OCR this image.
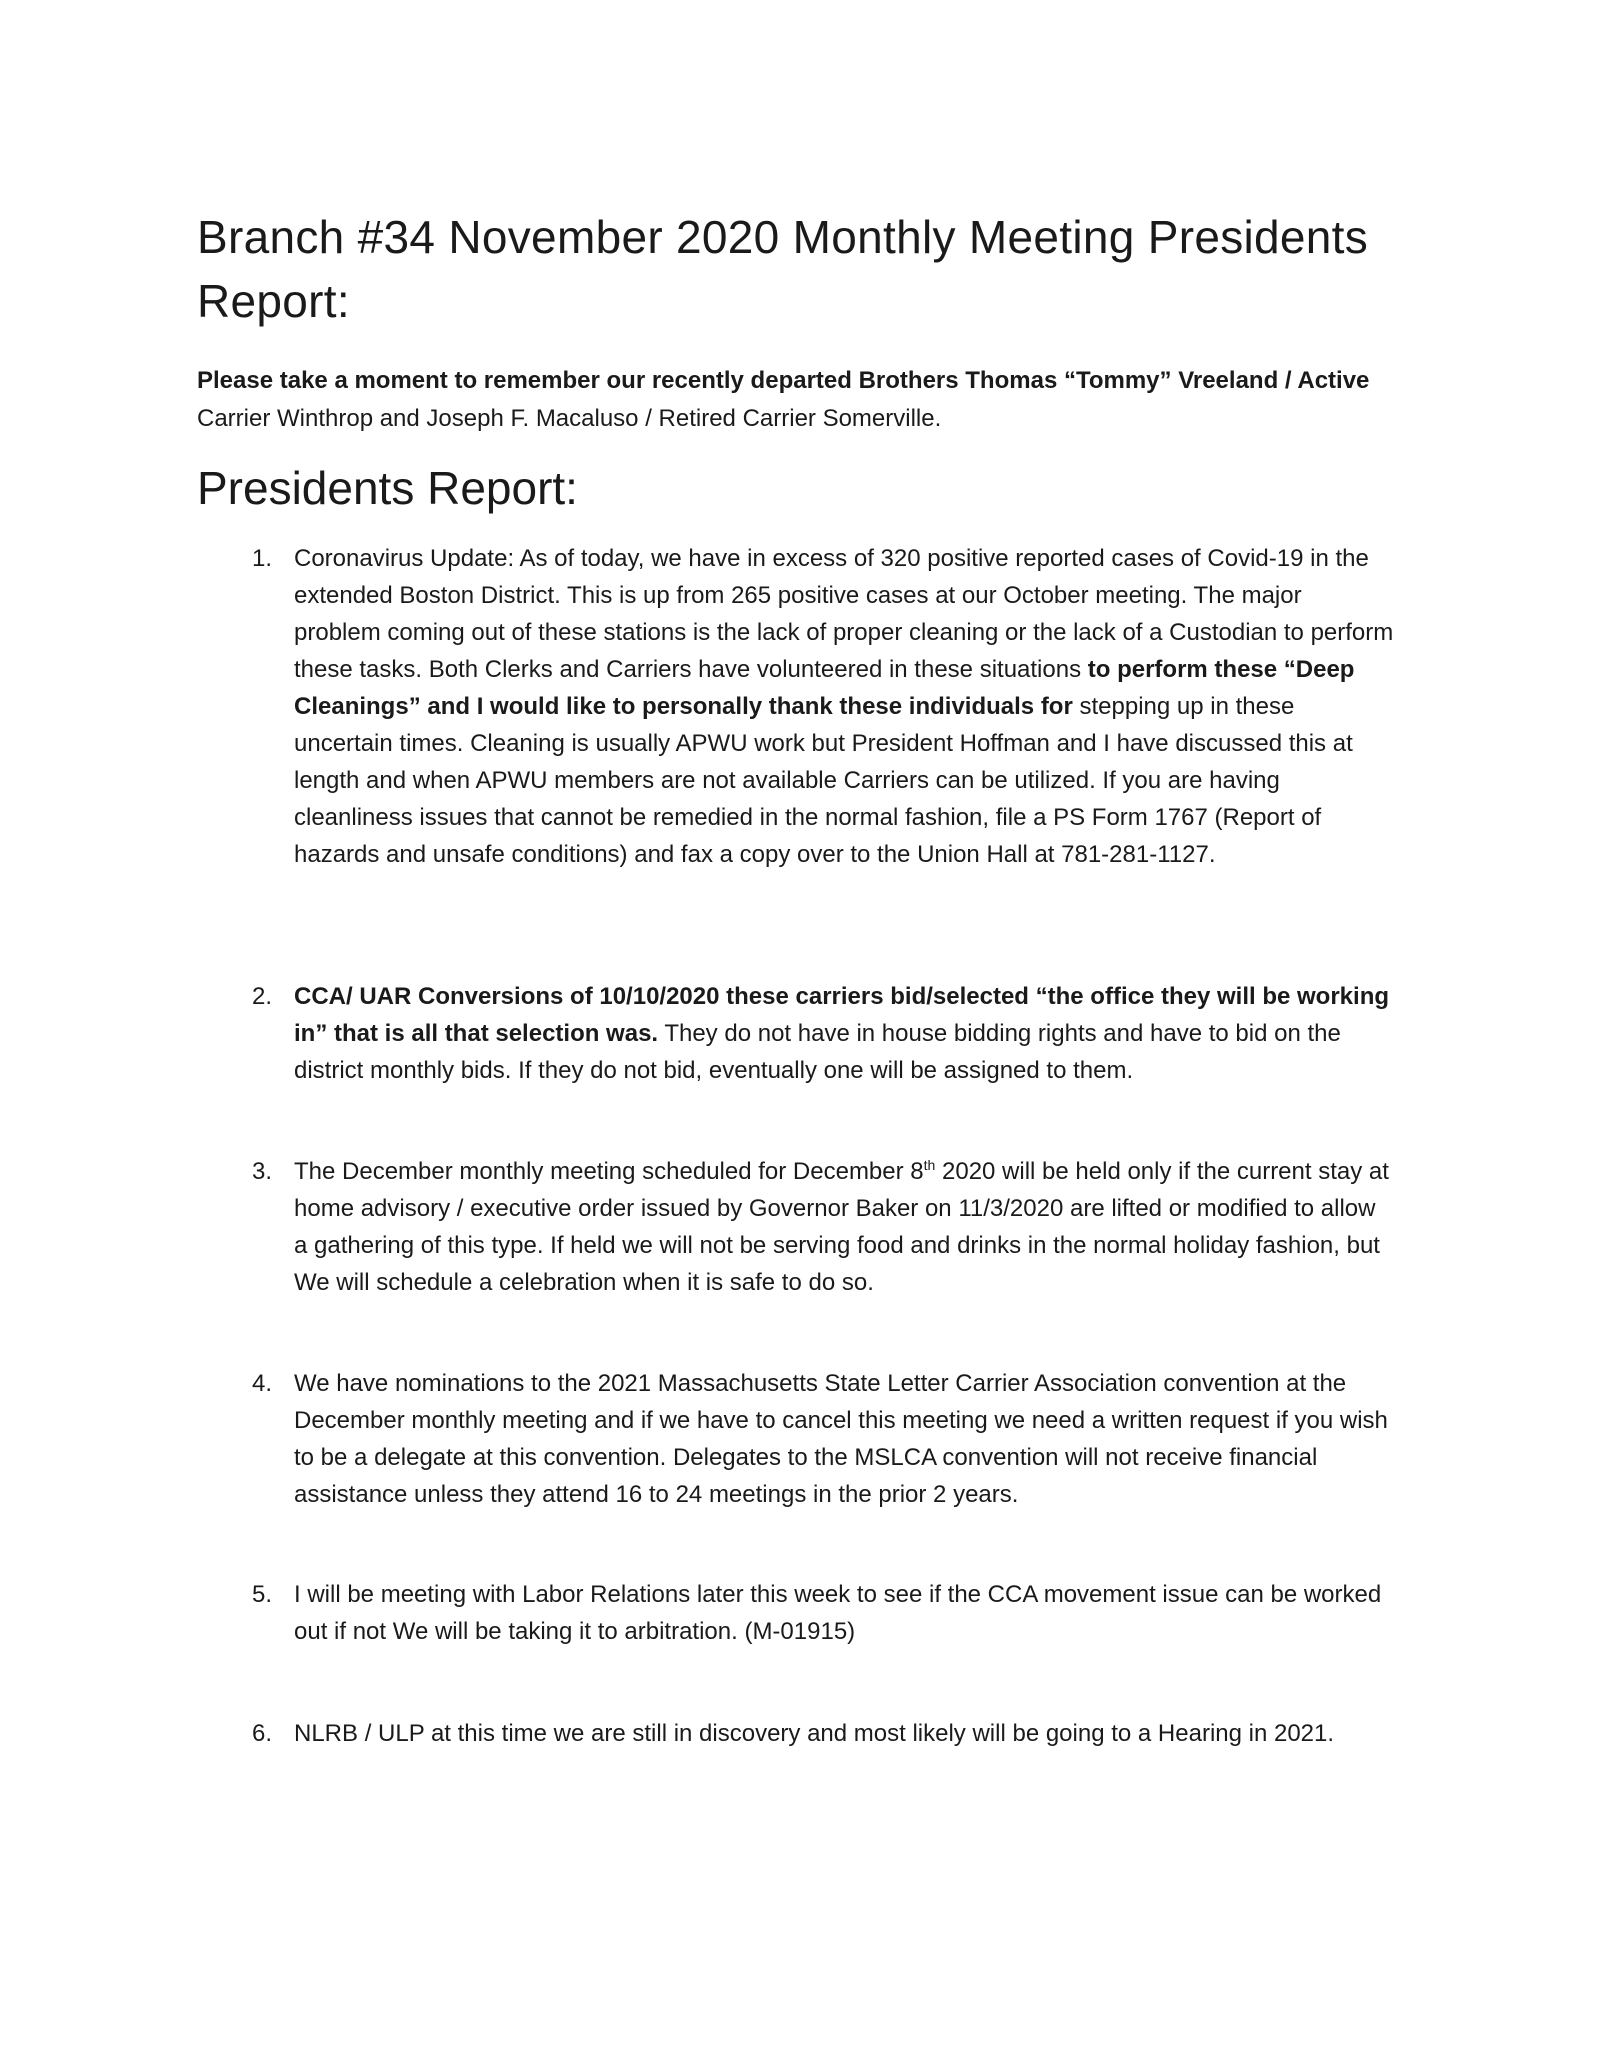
Branch #34 November 2020 Monthly Meeting Presidents Report:

Please take a moment to remember our recently departed Brothers Thomas “Tommy” Vreeland / Active Carrier Winthrop and Joseph F. Macaluso / Retired Carrier Somerville.

Presidents Report:
1. Coronavirus Update: As of today, we have in excess of 320 positive reported cases of Covid-19 in the extended Boston District. This is up from 265 positive cases at our October meeting. The major problem coming out of these stations is the lack of proper cleaning or the lack of a Custodian to perform these tasks. Both Clerks and Carriers have volunteered in these situations to perform these “Deep Cleanings” and I would like to personally thank these individuals for stepping up in these uncertain times. Cleaning is usually APWU work but President Hoffman and I have discussed this at length and when APWU members are not available Carriers can be utilized. If you are having cleanliness issues that cannot be remedied in the normal fashion, file a PS Form 1767 (Report of hazards and unsafe conditions) and fax a copy over to the Union Hall at 781-281-1127.

2. CCA/ UAR Conversions of 10/10/2020 these carriers bid/selected “the office they will be working in” that is all that selection was. They do not have in house bidding rights and have to bid on the district monthly bids. If they do not bid, eventually one will be assigned to them.

3. The December monthly meeting scheduled for December 8th 2020 will be held only if the current stay at home advisory / executive order issued by Governor Baker on 11/3/2020 are lifted or modified to allow a gathering of this type. If held we will not be serving food and drinks in the normal holiday fashion, but We will schedule a celebration when it is safe to do so.

4. We have nominations to the 2021 Massachusetts State Letter Carrier Association convention at the December monthly meeting and if we have to cancel this meeting we need a written request if you wish to be a delegate at this convention. Delegates to the MSLCA convention will not receive financial assistance unless they attend 16 to 24 meetings in the prior 2 years.

5. I will be meeting with Labor Relations later this week to see if the CCA movement issue can be worked out if not We will be taking it to arbitration. (M-01915)

6. NLRB / ULP at this time we are still in discovery and most likely will be going to a Hearing in 2021.
